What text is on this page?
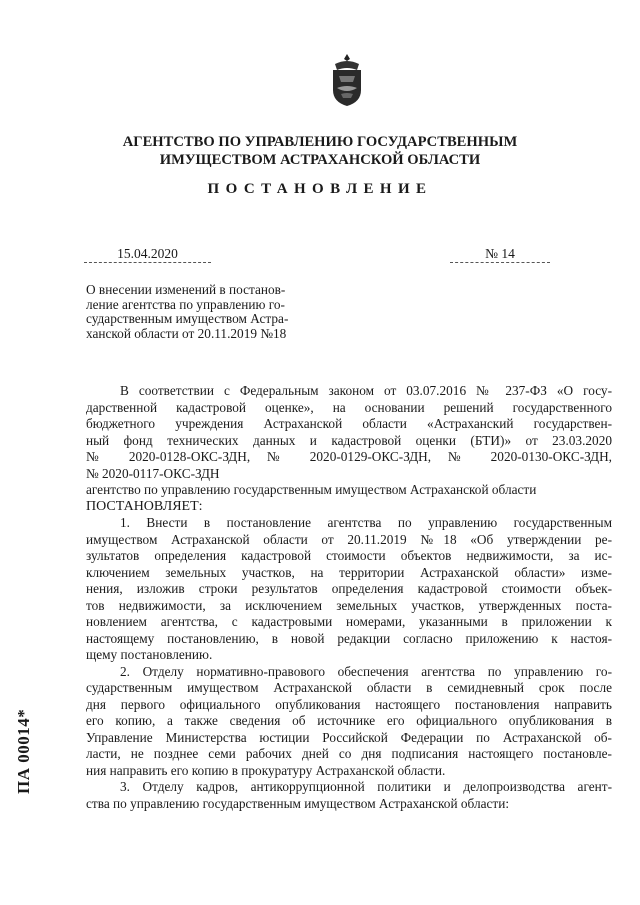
АГЕНТСТВО ПО УПРАВЛЕНИЮ ГОСУДАРСТВЕННЫМ
ИМУЩЕСТВОМ АСТРАХАНСКОЙ ОБЛАСТИ
ПОСТАНОВЛЕНИЕ
15.04.2020	№ 14
О внесении изменений в постанов-
ление агентства по управлению го-
сударственным имуществом Астра-
ханской области от 20.11.2019 №18
В соответствии с Федеральным законом от 03.07.2016 № 237-ФЗ «О госу-
дарственной кадастровой оценке», на основании решений государственного
бюджетного учреждения Астраханской области «Астраханский государствен-
ный фонд технических данных и кадастровой оценки (БТИ)» от 23.03.2020
№ 2020-0128-ОКС-ЗДН, № 2020-0129-ОКС-ЗДН, № 2020-0130-ОКС-ЗДН,
№ 2020-0117-ОКС-ЗДН
агентство по управлению государственным имуществом Астраханской области
ПОСТАНОВЛЯЕТ:
1. Внести в постановление агентства по управлению государственным
имуществом Астраханской области от 20.11.2019 №18 «Об утверждении ре-
зультатов определения кадастровой стоимости объектов недвижимости, за ис-
ключением земельных участков, на территории Астраханской области» изме-
нения, изложив строки результатов определения кадастровой стоимости объек-
тов недвижимости, за исключением земельных участков, утвержденных поста-
новлением агентства, с кадастровыми номерами, указанными в приложении к
настоящему постановлению, в новой редакции согласно приложению к настоя-
щему постановлению.
2. Отделу нормативно-правового обеспечения агентства по управлению го-
сударственным имуществом Астраханской области в семидневный срок после
дня первого официального опубликования настоящего постановления направить
его копию, а также сведения об источнике его официального опубликования в
Управление Министерства юстиции Российской Федерации по Астраханской об-
ласти, не позднее семи рабочих дней со дня подписания настоящего постановле-
ния направить его копию в прокуратуру Астраханской области.
3. Отделу кадров, антикоррупционной политики и делопроизводства агент-
ства по управлению государственным имуществом Астраханской области:
ПА 00014*
